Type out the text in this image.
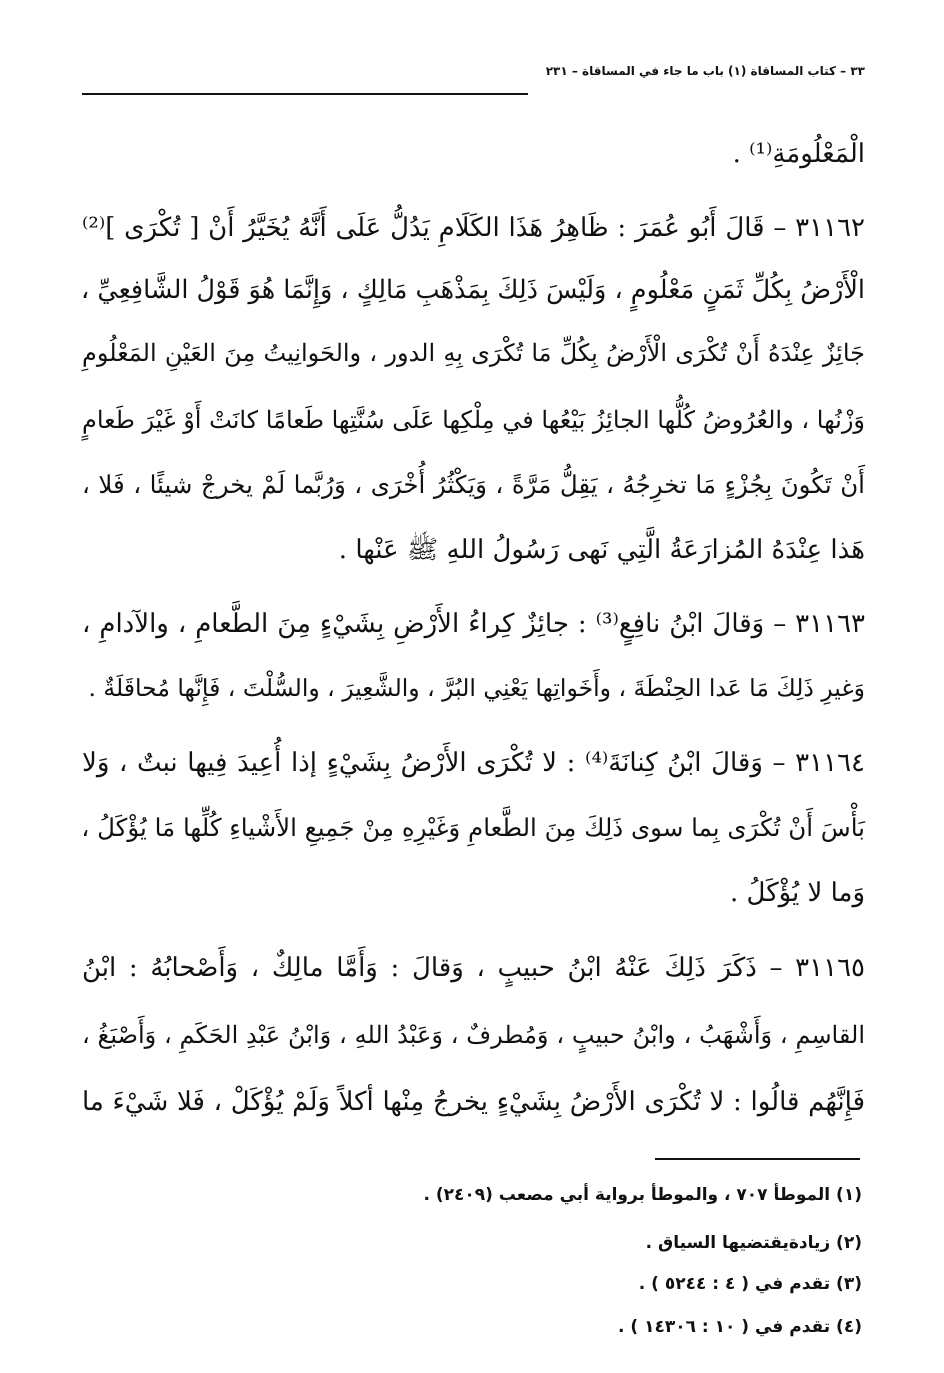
٣٣ – كتاب المساقاة (١) باب ما جاء في المساقاة – ٢٣١
الْمَعْلُومَةِ⁽¹⁾ .
٣١١٦٢ – قَالَ أَبُو عُمَرَ : ظَاهِرُ هَذَا الكَلَامِ يَدُلُّ عَلَى أَنَّهُ يُخَيَّرُ أَنْ [ تُكْرَى ]⁽²⁾
الْأَرْضُ بِكُلِّ ثَمَنٍ مَعْلُومٍ ، وَلَيْسَ ذَلِكَ بِمَذْهَبِ مَالِكٍ ، وَإِنَّمَا هُوَ قَوْلُ الشَّافِعِيِّ ،
جَائِزٌ عِنْدَهُ أَنْ تُكْرَى الْأَرْضُ بِكُلِّ مَا تُكْرَى بِهِ الدور ، والحَوانِيتُ مِنَ العَيْنِ المَعْلُومِ
وَزْنُها ، والعُرُوضُ كُلُّها الجائِزُ بَيْعُها في مِلْكِها عَلَى سُنَّتِها طَعامًا كانَتْ أَوْ غَيْرَ طَعامٍ
أَنْ تَكُونَ بِجُزْءٍ مَا تخرِجُهُ ، يَقِلُّ مَرَّةً ، وَيَكْثُرُ أُخْرَى ، وَرُبَّما لَمْ يخرجْ شيئًا ، فَلا ،
هَذا عِنْدَهُ المُزارَعَةُ الَّتِي نَهى رَسُولُ اللهِ ﷺ عَنْها .
٣١١٦٣ – وَقالَ ابْنُ نافِعٍ⁽³⁾ : جائِزٌ كِراءُ الأَرْضِ بِشَيْءٍ مِنَ الطَّعامِ ، والآدامِ ،
وَغيرِ ذَلِكَ مَا عَدا الحِنْطَةَ ، وأَخَواتِها يَعْنِي البُرَّ ، والشَّعِيرَ ، والسُّلْتَ ، فَإِنَّها مُحاقَلَةٌ .
٣١١٦٤ – وَقالَ ابْنُ كِنانَةَ⁽⁴⁾ : لا تُكْرَى الأَرْضُ بِشَيْءٍ إذا أُعِيدَ فِيها نبتٌ ، وَلا
بَأْسَ أَنْ تُكْرَى بِما سوى ذَلِكَ مِنَ الطَّعامِ وَغَيْرِهِ مِنْ جَمِيعِ الأَشْياءِ كُلِّها مَا يُؤْكَلُ ،
وَما لا يُؤْكَلُ .
٣١١٦٥ – ذَكَرَ ذَلِكَ عَنْهُ ابْنُ حبيبٍ ، وَقالَ : وَأَمَّا مالِكٌ ، وَأَصْحابُهُ : ابْنُ
القاسِمِ ، وَأَشْهَبُ ، وابْنُ حبيبٍ ، وَمُطرفٌ ، وَعَبْدُ اللهِ ، وَابْنُ عَبْدِ الحَكَمِ ، وَأَصْبَغُ ،
فَإِنَّهُم قالُوا : لا تُكْرَى الأَرْضُ بِشَيْءٍ يخرجُ مِنْها أكلاً وَلَمْ يُؤْكَلْ ، فَلا شَيْءَ ما
(١) الموطأ ٧٠٧ ، والموطأ برواية أبي مصعب (٢٤٠٩) .
(٢) زيادةيقتضيها السياق .
(٣) تقدم في ( ٤ : ٥٢٤٤ ) .
(٤) تقدم في ( ١٠ : ١٤٣٠٦ ) .
